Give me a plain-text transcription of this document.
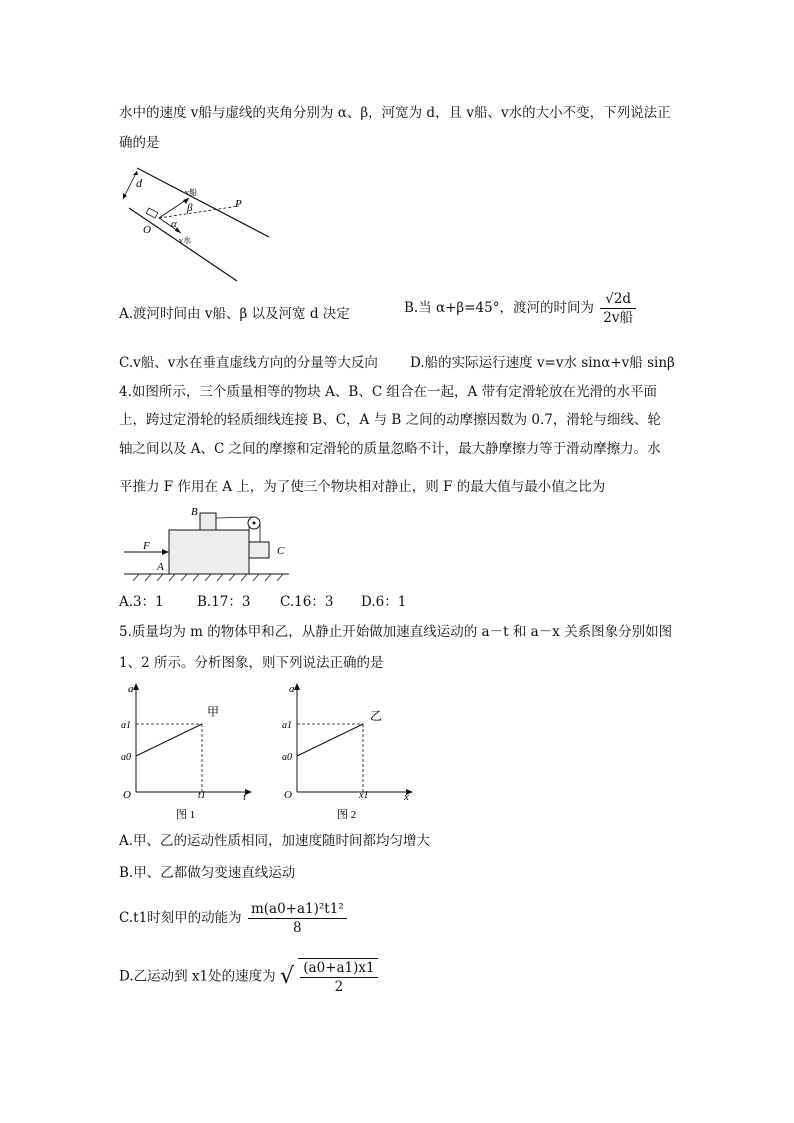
水中的速度 v船与虚线的夹角分别为 α、β，河宽为 d，且 v船、v水的大小不变，下列说法正
确的是
d
v船
β
α
O
P
v水
A.渡河时间由 v船、β 以及河宽 d 决定	B.当 α+β=45°，渡河的时间为 $\frac{√2d}{\text{2v船}}$
C.v船、v水在垂直虚线方向的分量等大反向 D.船的实际运行速度 v=v水 sinα+v船 sinβ
4.如图所示，三个质量相等的物块 A、B、C 组合在一起，A 带有定滑轮放在光滑的水平面
上，跨过定滑轮的轻质细线连接 B、C，A 与 B 之间的动摩擦因数为 0.7，滑轮与细线、轮
轴之间以及 A、C 之间的摩擦和定滑轮的质量忽略不计，最大静摩擦力等于滑动摩擦力。水
平推力 F 作用在 A 上，为了使三个物块相对静止，则 F 的最大值与最小值之比为
B
F	C
A
A.3：1 B.17：3 C.16：3 D.6：1
5.质量均为 m 的物体甲和乙，从静止开始做加速直线运动的 a－t 和 a－x 关系图象分别如图
1、2 所示。分析图象，则下列说法正确的是
a
a1
a0
O	t1	t
甲
图 1
a
a1
a0
O	x1	x
乙
图 2
A.甲、乙的运动性质相同，加速度随时间都均匀增大
B.甲、乙都做匀变速直线运动
C.t1时刻甲的动能为 $\frac{\text{m(a0+a1)²t1²}}{8}$
D.乙运动到 x1处的速度为 √ $\frac{(a0+a1)x1}{2}$
